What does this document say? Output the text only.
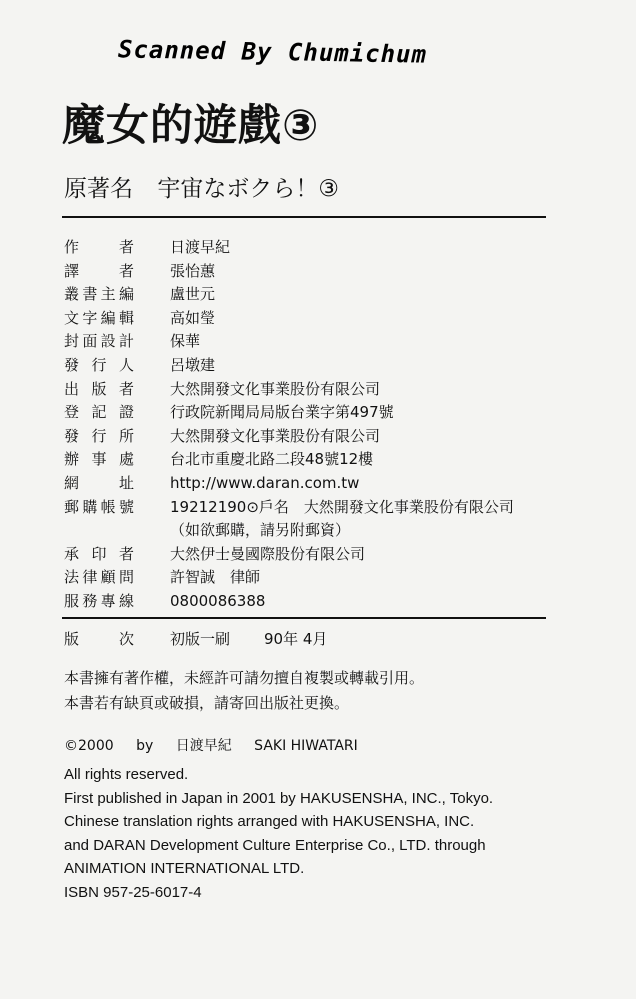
Scanned By Chumichum
魔女的遊戲③
原著名 宇宙なボクら！③
作 者 日渡早紀
譯 者 張怡蕙
叢書主編 盧世元
文字編輯 高如瑩
封面設計 保華
發 行 人 呂墩建
出 版 者 大然開發文化事業股份有限公司
登 記 證 行政院新聞局局版台業字第497號
發 行 所 大然開發文化事業股份有限公司
辦 事 處 台北市重慶北路二段48號12樓
網 址 http://www.daran.com.tw
郵購帳號 19212190⊙戶名　大然開發文化事業股份有限公司
（如欲郵購，請另附郵資）
承 印 者 大然伊士曼國際股份有限公司
法律顧問 許智誠　律師
服務專線 0800086388
版 次 初版一刷 90年 4月
本書擁有著作權，未經許可請勿擅自複製或轉載引用。
本書若有缺頁或破損，請寄回出版社更換。
©2000 by 日渡早紀 SAKI HIWATARI
All rights reserved.
First published in Japan in 2001 by HAKUSENSHA, INC., Tokyo.
Chinese translation rights arranged with HAKUSENSHA, INC.
and DARAN Development Culture Enterprise Co., LTD. through
ANIMATION INTERNATIONAL LTD.
ISBN 957-25-6017-4
